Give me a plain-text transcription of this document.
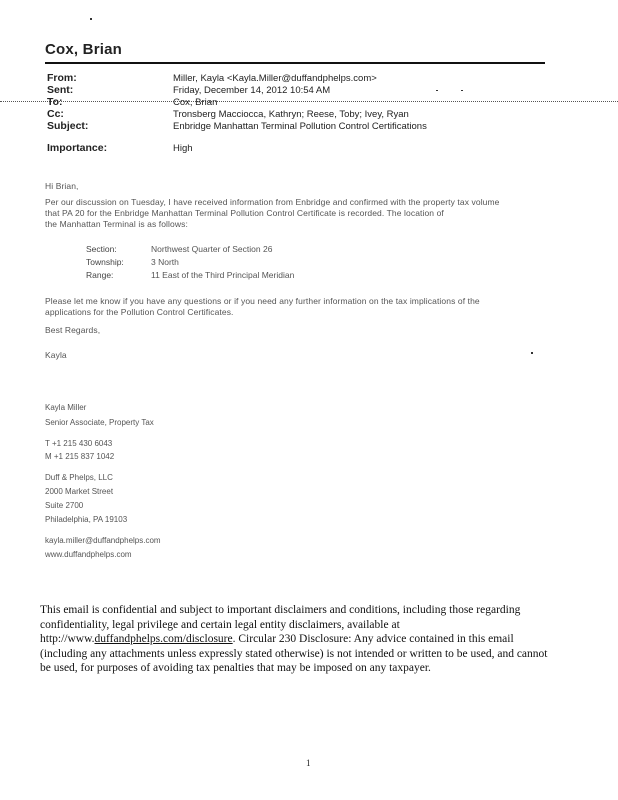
Cox, Brian
From:	Miller, Kayla <Kayla.Miller@duffandphelps.com>
Sent:	Friday, December 14, 2012 10:54 AM
To:	Cox, Brian
Cc:	Tronsberg Macciocca, Kathryn; Reese, Toby; Ivey, Ryan
Subject:	Enbridge Manhattan Terminal Pollution Control Certifications
Importance:	High
Hi Brian,
Per our discussion on Tuesday, I have received information from Enbridge and confirmed with the property tax volume
that PA 20 for the Enbridge Manhattan Terminal Pollution Control Certificate is recorded. The location of
the Manhattan Terminal is as follows:
Section:	Northwest Quarter of Section 26
Township:	3 North
Range:	11 East of the Third Principal Meridian
Please let me know if you have any questions or if you need any further information on the tax implications of the
applications for the Pollution Control Certificates.
Best Regards,
Kayla
Kayla Miller
Senior Associate, Property Tax
T +1 215 430 6043
M +1 215 837 1042
Duff & Phelps, LLC
2000 Market Street
Suite 2700
Philadelphia, PA 19103
kayla.miller@duffandphelps.com
www.duffandphelps.com
This email is confidential and subject to important disclaimers and conditions, including those regarding
confidentiality, legal privilege and certain legal entity disclaimers, available at
http://www.duffandphelps.com/disclosure. Circular 230 Disclosure: Any advice contained in this email
(including any attachments unless expressly stated otherwise) is not intended or written to be used, and cannot
be used, for purposes of avoiding tax penalties that may be imposed on any taxpayer.
1
